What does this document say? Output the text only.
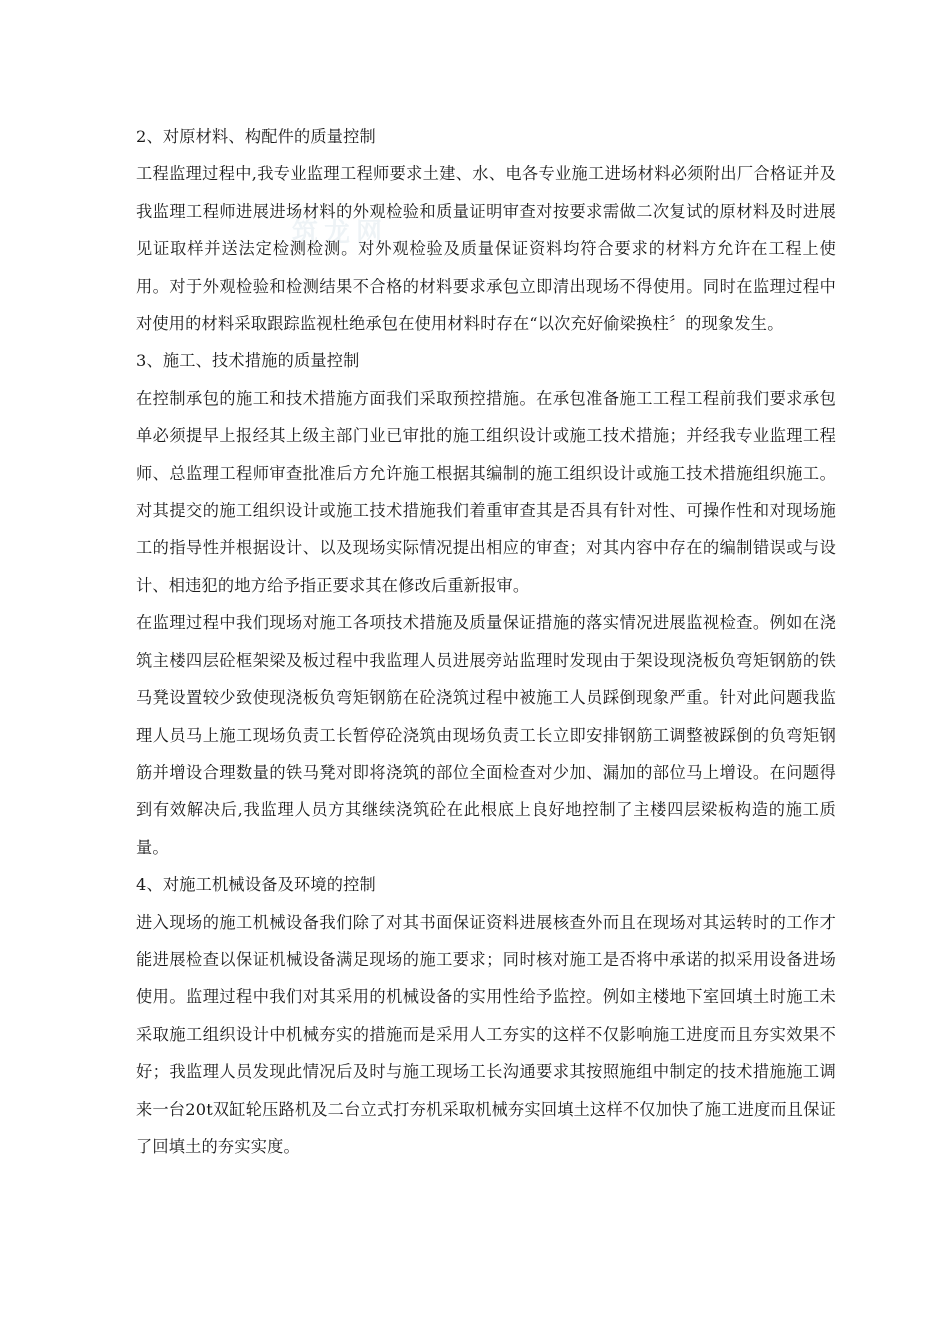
筑龙网
2、对原材料、构配件的质量控制

工程监理过程中,我专业监理工程师要求土建、水、电各专业施工进场材料必须附出厂合格证并及我监理工程师进展进场材料的外观检验和质量证明审查对按要求需做二次复试的原材料及时进展见证取样并送法定检测检测。对外观检验及质量保证资料均符合要求的材料方允许在工程上使用。对于外观检验和检测结果不合格的材料要求承包立即清出现场不得使用。同时在监理过程中对使用的材料采取跟踪监视杜绝承包在使用材料时存在“以次充好偷梁换柱〞的现象发生。

3、施工、技术措施的质量控制

在控制承包的施工和技术措施方面我们采取预控措施。在承包准备施工工程工程前我们要求承包单必须提早上报经其上级主部门业已审批的施工组织设计或施工技术措施；并经我专业监理工程师、总监理工程师审查批准后方允许施工根据其编制的施工组织设计或施工技术措施组织施工。对其提交的施工组织设计或施工技术措施我们着重审查其是否具有针对性、可操作性和对现场施工的指导性并根据设计、以及现场实际情况提出相应的审查；对其内容中存在的编制错误或与设计、相违犯的地方给予指正要求其在修改后重新报审。

在监理过程中我们现场对施工各项技术措施及质量保证措施的落实情况进展监视检查。例如在浇筑主楼四层砼框架梁及板过程中我监理人员进展旁站监理时发现由于架设现浇板负弯矩钢筋的铁马凳设置较少致使现浇板负弯矩钢筋在砼浇筑过程中被施工人员踩倒现象严重。针对此问题我监理人员马上施工现场负责工长暂停砼浇筑由现场负责工长立即安排钢筋工调整被踩倒的负弯矩钢筋并增设合理数量的铁马凳对即将浇筑的部位全面检查对少加、漏加的部位马上增设。在问题得到有效解决后,我监理人员方其继续浇筑砼在此根底上良好地控制了主楼四层梁板构造的施工质量。

4、对施工机械设备及环境的控制

进入现场的施工机械设备我们除了对其书面保证资料进展核查外而且在现场对其运转时的工作才能进展检查以保证机械设备满足现场的施工要求；同时核对施工是否将中承诺的拟采用设备进场使用。监理过程中我们对其采用的机械设备的实用性给予监控。例如主楼地下室回填土时施工未采取施工组织设计中机械夯实的措施而是采用人工夯实的这样不仅影响施工进度而且夯实效果不好；我监理人员发现此情况后及时与施工现场工长沟通要求其按照施组中制定的技术措施施工调来一台20t双缸轮压路机及二台立式打夯机采取机械夯实回填土这样不仅加快了施工进度而且保证了回填土的夯实实度。
